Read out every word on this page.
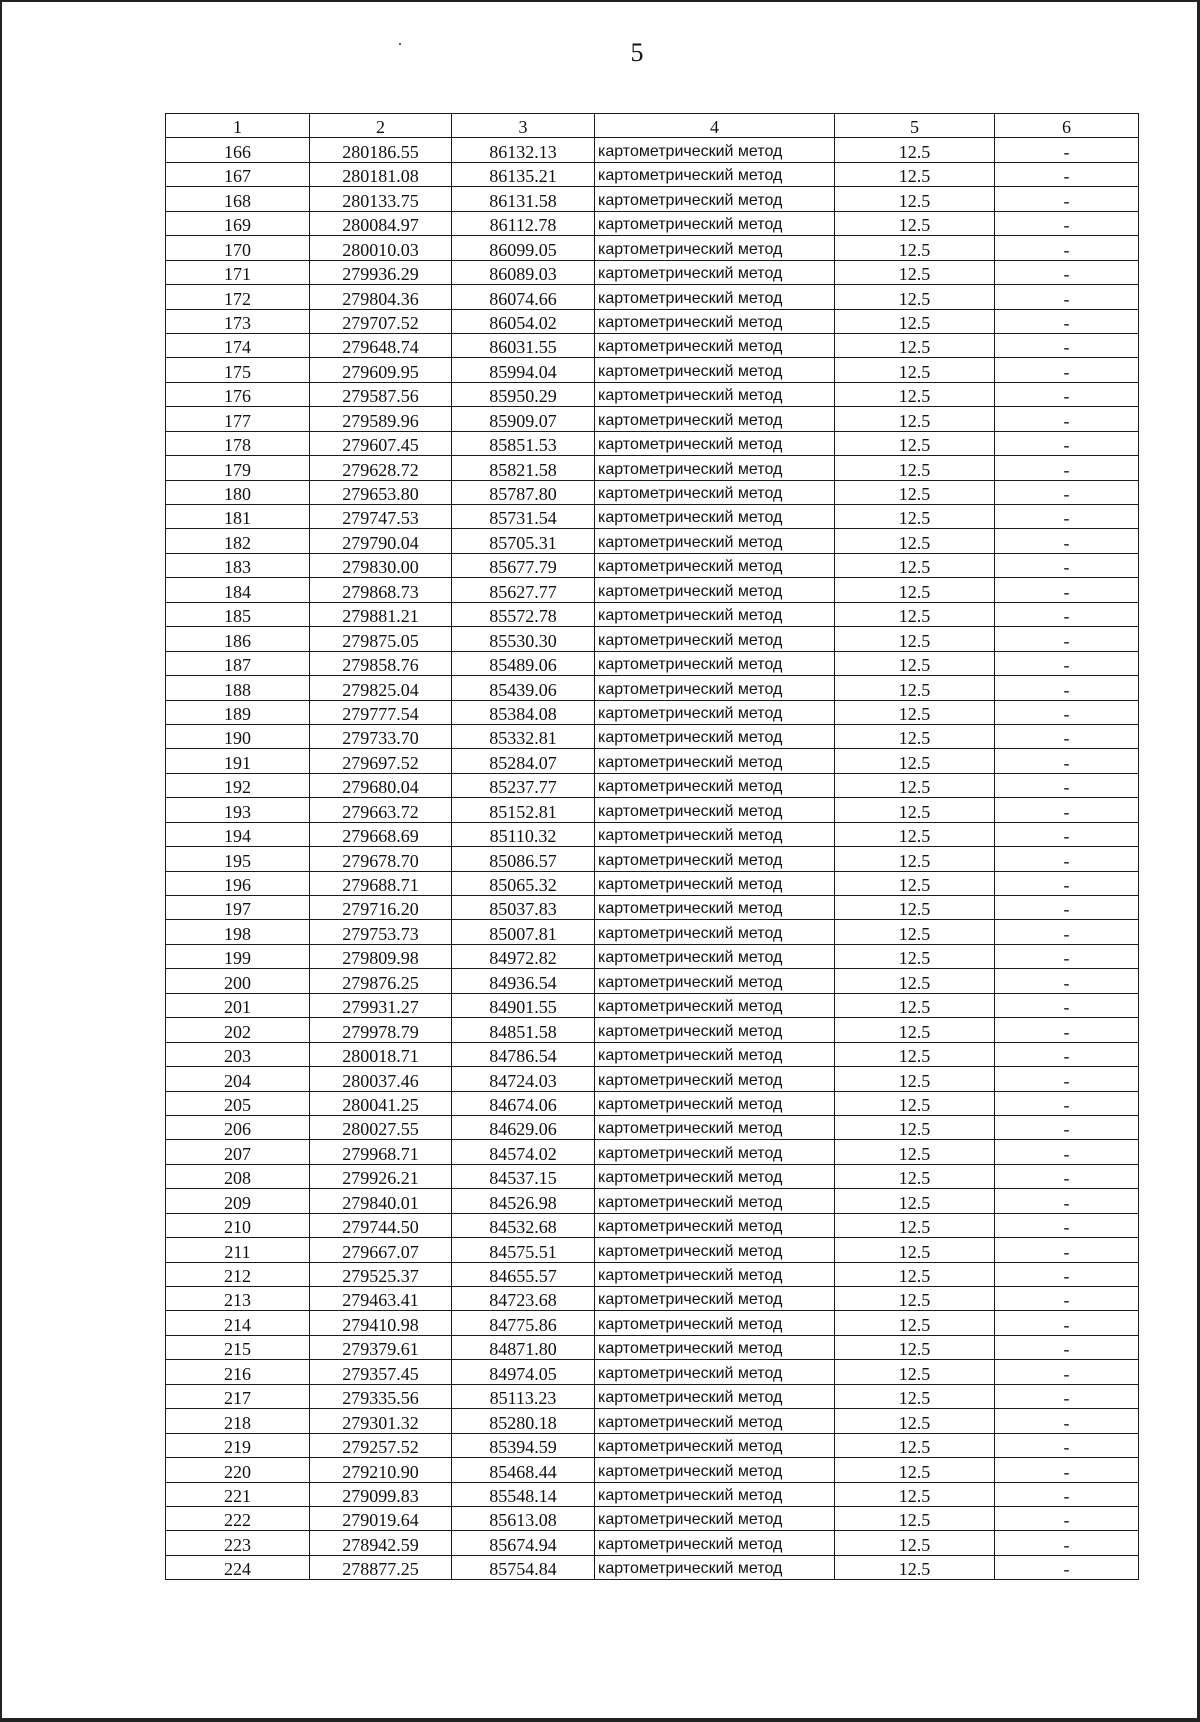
5
1	2	3	4	5	6
166	280186.55	86132.13	картометрический метод	12.5	-
167	280181.08	86135.21	картометрический метод	12.5	-
168	280133.75	86131.58	картометрический метод	12.5	-
169	280084.97	86112.78	картометрический метод	12.5	-
170	280010.03	86099.05	картометрический метод	12.5	-
171	279936.29	86089.03	картометрический метод	12.5	-
172	279804.36	86074.66	картометрический метод	12.5	-
173	279707.52	86054.02	картометрический метод	12.5	-
174	279648.74	86031.55	картометрический метод	12.5	-
175	279609.95	85994.04	картометрический метод	12.5	-
176	279587.56	85950.29	картометрический метод	12.5	-
177	279589.96	85909.07	картометрический метод	12.5	-
178	279607.45	85851.53	картометрический метод	12.5	-
179	279628.72	85821.58	картометрический метод	12.5	-
180	279653.80	85787.80	картометрический метод	12.5	-
181	279747.53	85731.54	картометрический метод	12.5	-
182	279790.04	85705.31	картометрический метод	12.5	-
183	279830.00	85677.79	картометрический метод	12.5	-
184	279868.73	85627.77	картометрический метод	12.5	-
185	279881.21	85572.78	картометрический метод	12.5	-
186	279875.05	85530.30	картометрический метод	12.5	-
187	279858.76	85489.06	картометрический метод	12.5	-
188	279825.04	85439.06	картометрический метод	12.5	-
189	279777.54	85384.08	картометрический метод	12.5	-
190	279733.70	85332.81	картометрический метод	12.5	-
191	279697.52	85284.07	картометрический метод	12.5	-
192	279680.04	85237.77	картометрический метод	12.5	-
193	279663.72	85152.81	картометрический метод	12.5	-
194	279668.69	85110.32	картометрический метод	12.5	-
195	279678.70	85086.57	картометрический метод	12.5	-
196	279688.71	85065.32	картометрический метод	12.5	-
197	279716.20	85037.83	картометрический метод	12.5	-
198	279753.73	85007.81	картометрический метод	12.5	-
199	279809.98	84972.82	картометрический метод	12.5	-
200	279876.25	84936.54	картометрический метод	12.5	-
201	279931.27	84901.55	картометрический метод	12.5	-
202	279978.79	84851.58	картометрический метод	12.5	-
203	280018.71	84786.54	картометрический метод	12.5	-
204	280037.46	84724.03	картометрический метод	12.5	-
205	280041.25	84674.06	картометрический метод	12.5	-
206	280027.55	84629.06	картометрический метод	12.5	-
207	279968.71	84574.02	картометрический метод	12.5	-
208	279926.21	84537.15	картометрический метод	12.5	-
209	279840.01	84526.98	картометрический метод	12.5	-
210	279744.50	84532.68	картометрический метод	12.5	-
211	279667.07	84575.51	картометрический метод	12.5	-
212	279525.37	84655.57	картометрический метод	12.5	-
213	279463.41	84723.68	картометрический метод	12.5	-
214	279410.98	84775.86	картометрический метод	12.5	-
215	279379.61	84871.80	картометрический метод	12.5	-
216	279357.45	84974.05	картометрический метод	12.5	-
217	279335.56	85113.23	картометрический метод	12.5	-
218	279301.32	85280.18	картометрический метод	12.5	-
219	279257.52	85394.59	картометрический метод	12.5	-
220	279210.90	85468.44	картометрический метод	12.5	-
221	279099.83	85548.14	картометрический метод	12.5	-
222	279019.64	85613.08	картометрический метод	12.5	-
223	278942.59	85674.94	картометрический метод	12.5	-
224	278877.25	85754.84	картометрический метод	12.5	-
